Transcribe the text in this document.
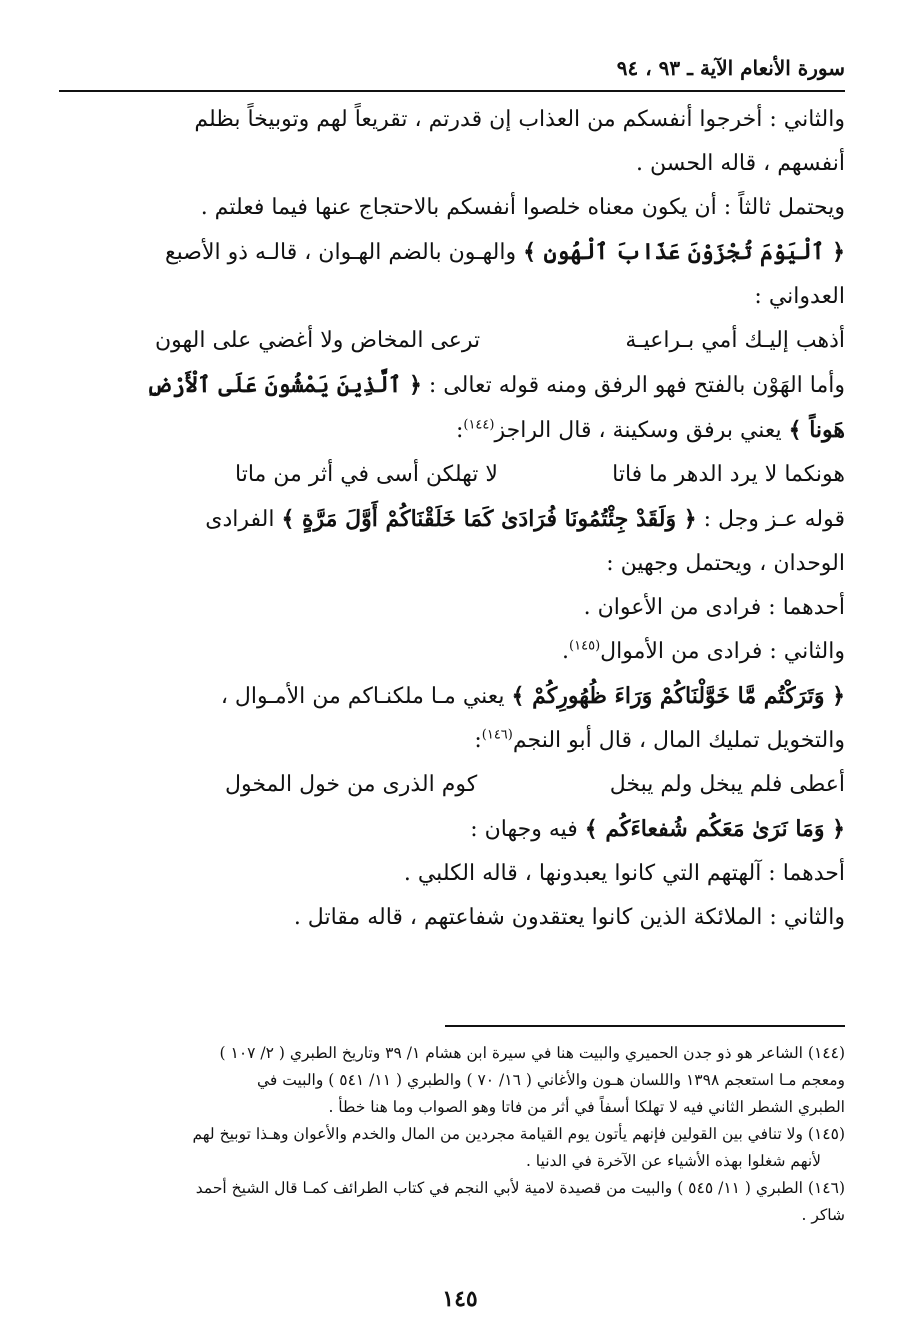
سورة الأنعام الآية ـ ٩٣ ، ٩٤

والثاني : أخرجوا أنفسكم من العذاب إن قدرتم ، تقريعاً لهم وتوبيخاً بظلم

أنفسهم ، قاله الحسن .

ويحتمل ثالثاً : أن يكون معناه خلصوا أنفسكم بالاحتجاج عنها فيما فعلتم .

﴿ ٱلْيَوْمَ تُجْزَوْنَ عَذَابَ ٱلْهُونِ ﴾ والهـون بالضم الهـوان ، قالـه ذو الأصبع

العدواني :

أذهب إليـك أمي بـراعيـة
ترعى المخاض ولا أغضي على الهون

وأما الهَوْن بالفتح فهو الرفق ومنه قوله تعالى : ﴿ ٱلَّذِينَ يَمْشُونَ عَلَى ٱلْأَرْضِ

هَوناً ﴾ يعني برفق وسكينة ، قال الراجز$^{(١٤٤)}$:

هونكما لا يرد الدهر ما فاتا
لا تهلكن أسى في أثر من ماتا

قوله عـز وجل : ﴿ وَلَقَدْ جِئْتُمُونَا فُرَادَىٰ كَمَا خَلَقْنَاكُمْ أَوَّلَ مَرَّةٍ ﴾ الفرادى

الوحدان ، ويحتمل وجهين :

أحدهما : فرادى من الأعوان .

والثاني : فرادى من الأموال$^{(١٤٥)}$.

﴿ وَتَرَكْتُم مَّا خَوَّلْنَاكُمْ وَرَاءَ ظُهُورِكُمْ ﴾ يعني مـا ملكنـاكم من الأمـوال ،

والتخويل تمليك المال ، قال أبو النجم$^{(١٤٦)}$:

أعطى فلم يبخل ولم يبخل
كوم الذرى من خول المخول

﴿ وَمَا نَرَىٰ مَعَكُم شُفعاءَكُم ﴾ فيه وجهان :

أحدهما : آلهتهم التي كانوا يعبدونها ، قاله الكلبي .

والثاني : الملائكة الذين كانوا يعتقدون شفاعتهم ، قاله مقاتل .

(١٤٤) الشاعر هو ذو جدن الحميري والبيت هنا في سيرة ابن هشام ١/ ٣٩ وتاريخ الطبري ( ٢/ ١٠٧ )

ومعجم مـا استعجم ١٣٩٨ واللسان هـون والأغاني ( ١٦/ ٧٠ ) والطبري ( ١١/ ٥٤١ ) والبيت في

الطبري الشطر الثاني فيه لا تهلكا أسفاً في أثر من فاتا وهو الصواب وما هنا خطأ .

(١٤٥) ولا تنافي بين القولين فإنهم يأتون يوم القيامة مجردين من المال والخدم والأعوان وهـذا توبيخ لهم

لأنهم شغلوا بهذه الأشياء عن الآخرة في الدنيا .

(١٤٦) الطبري ( ١١/ ٥٤٥ ) والبيت من قصيدة لامية لأبي النجم في كتاب الطرائف كمـا قال الشيخ أحمد

شاكر .

١٤٥
